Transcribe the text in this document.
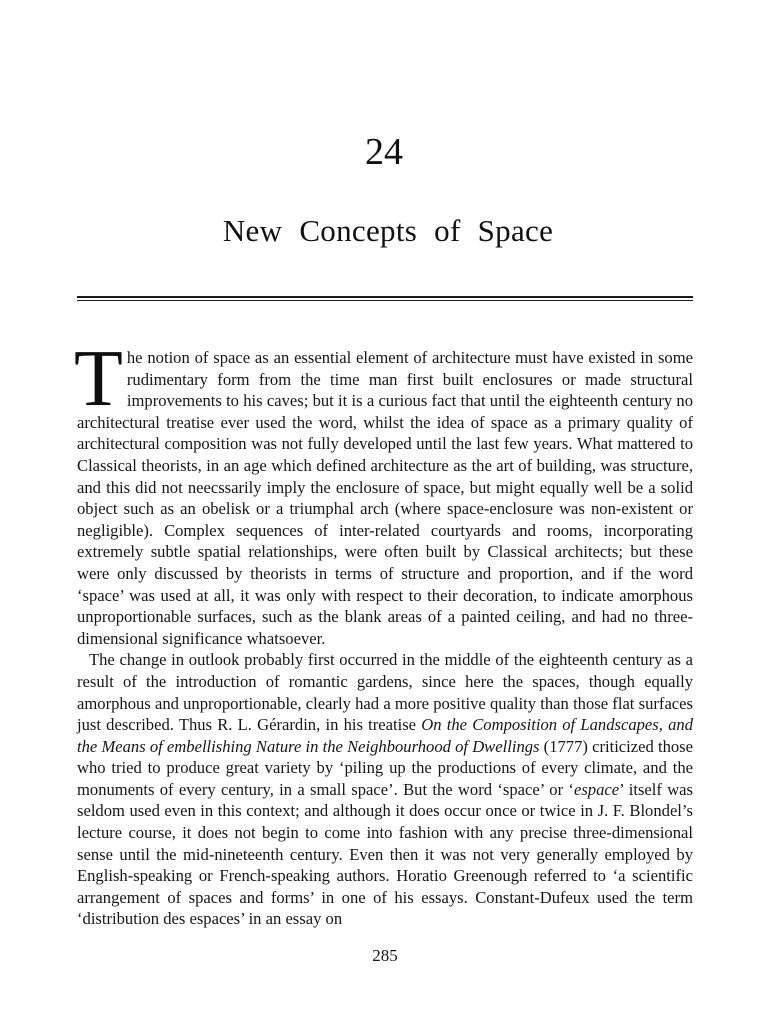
24
New Concepts of Space

The notion of space as an essential element of architecture must have existed in some rudimentary form from the time man first built enclosures or made structural improvements to his caves; but it is a curious fact that until the eighteenth century no architectural treatise ever used the word, whilst the idea of space as a primary quality of architectural composition was not fully developed until the last few years. What mattered to Classical theorists, in an age which defined architecture as the art of building, was structure, and this did not neecssarily imply the enclosure of space, but might equally well be a solid object such as an obelisk or a triumphal arch (where space-enclosure was non-existent or negligible). Complex sequences of inter-related courtyards and rooms, incorporating extremely subtle spatial relationships, were often built by Classical architects; but these were only discussed by theorists in terms of structure and proportion, and if the word ‘space’ was used at all, it was only with respect to their decoration, to indicate amorphous unproportionable surfaces, such as the blank areas of a painted ceiling, and had no three-dimensional significance whatsoever.

The change in outlook probably first occurred in the middle of the eighteenth century as a result of the introduction of romantic gardens, since here the spaces, though equally amorphous and unproportionable, clearly had a more positive quality than those flat surfaces just described. Thus R. L. Gérardin, in his treatise On the Composition of Landscapes, and the Means of embellishing Nature in the Neighbourhood of Dwellings (1777) criticized those who tried to produce great variety by ‘piling up the productions of every climate, and the monuments of every century, in a small space’. But the word ‘space’ or ‘espace’ itself was seldom used even in this context; and although it does occur once or twice in J. F. Blondel’s lecture course, it does not begin to come into fashion with any precise three-dimensional sense until the mid-nineteenth century. Even then it was not very generally employed by English-speaking or French-speaking authors. Horatio Greenough referred to ‘a scientific arrangement of spaces and forms’ in one of his essays. Constant-Dufeux used the term ‘distribution des espaces’ in an essay on

285
